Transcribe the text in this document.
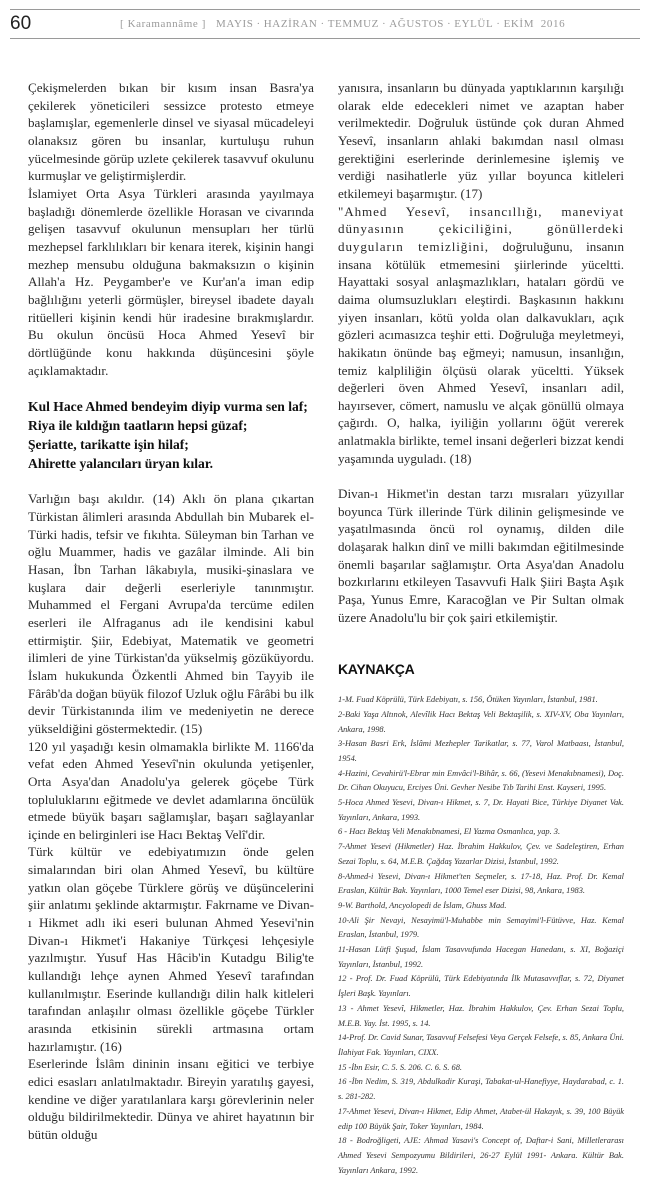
60	[ Karamannâme ] MAYIS · HAZİRAN · TEMMUZ · AĞUSTOS · EYLÜL · EKİM 2016

Çekişmelerden bıkan bir kısım insan Basra'ya çekilerek yöneticileri sessizce protesto etmeye başlamışlar, egemenlerle dinsel ve siyasal mücadeleyi olanaksız gören bu insanlar, kurtuluşu ruhun yücelmesinde görüp uzlete çekilerek tasavvuf okulunu kurmuşlar ve geliştirmişlerdir.

İslamiyet Orta Asya Türkleri arasında yayılmaya başladığı dönemlerde özellikle Horasan ve civarında gelişen tasavvuf okulunun mensupları her türlü mezhepsel farklılıkları bir kenara iterek, kişinin hangi mezhep mensubu olduğuna bakmaksızın o kişinin Allah'a Hz. Peygamber'e ve Kur'an'a iman edip bağlılığını yeterli görmüşler, bireysel ibadete dayalı ritüelleri kişinin kendi hür iradesine bırakmışlardır. Bu okulun öncüsü Hoca Ahmed Yesevî bir dörtlüğünde konu hakkında düşüncesini şöyle açıklamaktadır.

Kul Hace Ahmed bendeyim diyip vurma sen laf;
Riya ile kıldığın taatların hepsi güzaf;
Şeriatte, tarikatte işin hilaf;
Ahirette yalancıları üryan kılar.

Varlığın başı akıldır. (14) Aklı ön plana çıkartan Türkistan âlimleri arasında Abdullah bin Mubarek el-Türki hadis, tefsir ve fıkıhta. Süleyman bin Tarhan ve oğlu Muammer, hadis ve gazâlar ilminde. Ali bin Hasan, İbn Tarhan lâkabıyla, musiki-şinaslara ve kuşlara dair değerli eserleriyle tanınmıştır. Muhammed el Fergani Avrupa'da tercüme edilen eserleri ile Alfraganus adı ile kendisini kabul ettirmiştir. Şiir, Edebiyat, Matematik ve geometri ilimleri de yine Türkistan'da yükselmiş gözüküyordu. İslam hukukunda Özkentli Ahmed bin Tayyib ile Fârâb'da doğan büyük filozof Uzluk oğlu Fârâbi bu ilk devir Türkistanında ilim ve medeniyetin ne derece yükseldiğini göstermektedir. (15)

120 yıl yaşadığı kesin olmamakla birlikte M. 1166'da vefat eden Ahmed Yesevî'nin okulunda yetişenler, Orta Asya'dan Anadolu'ya gelerek göçebe Türk topluluklarını eğitmede ve devlet adamlarına öncülük etmede büyük başarı sağlamışlar, başarı sağlayanlar içinde en belirginleri ise Hacı Bektaş Velî'dir.

Türk kültür ve edebiyatımızın önde gelen simalarından biri olan Ahmed Yesevî, bu kültüre yatkın olan göçebe Türklere görüş ve düşüncelerini şiir anlatımı şeklinde aktarmıştır. Fakrname ve Divan-ı Hikmet adlı iki eseri bulunan Ahmed Yesevi'nin Divan-ı Hikmet'i Hakaniye Türkçesi lehçesiyle yazılmıştır. Yusuf Has Hâcib'in Kutadgu Bilig'te kullandığı lehçe aynen Ahmed Yesevî tarafından kullanılmıştır. Eserinde kullandığı dilin halk kitleleri tarafından anlaşılır olması özellikle göçebe Türkler arasında etkisinin sürekli artmasına ortam hazırlamıştır. (16)

Eserlerinde İslâm dininin insanı eğitici ve terbiye edici esasları anlatılmaktadır. Bireyin yaratılış gayesi, kendine ve diğer yaratılanlara karşı görevlerinin neler olduğu bildirilmektedir. Dünya ve ahiret hayatının bir bütün olduğu

yanısıra, insanların bu dünyada yaptıklarının karşılığı olarak elde edecekleri nimet ve azaptan haber verilmektedir. Doğruluk üstünde çok duran Ahmed Yesevî, insanların ahlaki bakımdan nasıl olması gerektiğini eserlerinde derinlemesine işlemiş ve verdiği nasihatlerle yüz yıllar boyunca kitleleri etkilemeyi başarmıştır. (17)

"Ahmed Yesevî, insancıllığı, maneviyat dünyasının çekiciliğini, gönüllerdeki duyguların temizliğini, doğruluğunu, insanın insana kötülük etmemesini şiirlerinde yüceltti. Hayattaki sosyal anlaşmazlıkları, hataları gördü ve daima olumsuzlukları eleştirdi. Başkasının hakkını yiyen insanları, kötü yolda olan dalkavukları, açık gözleri acımasızca teşhir etti. Doğruluğa meyletmeyi, hakikatın önünde baş eğmeyi; namusun, insanlığın, temiz kalpliliğin ölçüsü olarak yüceltti. Yüksek değerleri öven Ahmed Yesevî, insanları adil, hayırsever, cömert, namuslu ve alçak gönüllü olmaya çağırdı. O, halka, iyiliğin yollarını öğüt vererek anlatmakla birlikte, temel insani değerleri bizzat kendi yaşamında uyguladı. (18)

Divan-ı Hikmet'in destan tarzı mısraları yüzyıllar boyunca Türk illerinde Türk dilinin gelişmesinde ve yaşatılmasında öncü rol oynamış, dilden dile dolaşarak halkın dinî ve milli bakımdan eğitilmesinde önemli başarılar sağlamıştır. Orta Asya'dan Anadolu bozkırlarını etkileyen Tasavvufi Halk Şiiri Başta Aşık Paşa, Yunus Emre, Karacoğlan ve Pir Sultan olmak üzere Anadolu'lu bir çok şairi etkilemiştir.

KAYNAKÇA

1-M. Fuad Köprülü, Türk Edebiyatı, s. 156, Ötüken Yayınları, İstanbul, 1981.

2-Baki Yaşa Altınok, Alevîlik Hacı Bektaş Veli Bektaşilik, s. XIV-XV, Oba Yayınları, Ankara, 1998.

3-Hasan Basri Erk, İslâmi Mezhepler Tarikatlar, s. 77, Varol Matbaası, İstanbul, 1954.

4-Hazini, Cevahirü'l-Ebrar min Emvâci'l-Bihâr, s. 66, (Yesevi Menakıbnamesi), Doç. Dr. Cihan Okuyucu, Erciyes Üni. Gevher Nesibe Tıb Tarihi Enst. Kayseri, 1995.

5-Hoca Ahmed Yesevi, Divan-ı Hikmet, s. 7, Dr. Hayati Bice, Türkiye Diyanet Vak. Yayınları, Ankara, 1993.

6 - Hacı Bektaş Veli Menakıbnamesi, El Yazma Osmanlıca, yap. 3.

7-Ahmet Yesevi (Hikmetler) Haz. İbrahim Hakkulov, Çev. ve Sadeleştiren, Erhan Sezai Toplu, s. 64, M.E.B. Çağdaş Yazarlar Dizisi, İstanbul, 1992.

8-Ahmed-i Yesevi, Divan-ı Hikmet'ten Seçmeler, s. 17-18, Haz. Prof. Dr. Kemal Eraslan, Kültür Bak. Yayınları, 1000 Temel eser Dizisi, 98, Ankara, 1983.

9-W. Barthold, Ancyolopedi de İslam, Ghuss Mad.

10-Ali Şir Nevayi, Nesayimü'l-Muhabbe min Semayimi'l-Fütüvve, Haz. Kemal Eraslan, İstanbul, 1979.

11-Hasan Lütfi Şuşud, İslam Tasavvufunda Hacegan Hanedanı, s. XI, Boğaziçi Yayınları, İstanbul, 1992.

12 - Prof. Dr. Fuad Köprülü, Türk Edebiyatında İlk Mutasavvıflar, s. 72, Diyanet İşleri Başk. Yayınları.

13 - Ahmet Yesevî, Hikmetler, Haz. İbrahim Hakkulov, Çev. Erhan Sezai Toplu, M.E.B. Yay. İst. 1995, s. 14.

14-Prof. Dr. Cavid Sunar, Tasavvuf Felsefesi Veya Gerçek Felsefe, s. 85, Ankara Üni. İlahiyat Fak. Yayınları, CIXX.

15 -İbn Esir, C. 5. S. 206. C. 6. S. 68.

16 -İbn Nedim, S. 319, Abdulkadir Kuraşi, Tabakat-ul-Hanefiyye, Haydarabad, c. 1. s. 281-282.

17-Ahmet Yesevi, Divan-ı Hikmet, Edip Ahmet, Atabet-ül Hakayık, s. 39, 100 Büyük edip 100 Büyük Şair, Toker Yayınları, 1984.

18 - Bodroğligeti, AJE: Ahmad Yasavi's Concept of, Daftar-i Sani, Milletlerarası Ahmed Yesevi Sempozyumu Bildirileri, 26-27 Eylül 1991- Ankara. Kültür Bak. Yayınları Ankara, 1992.
